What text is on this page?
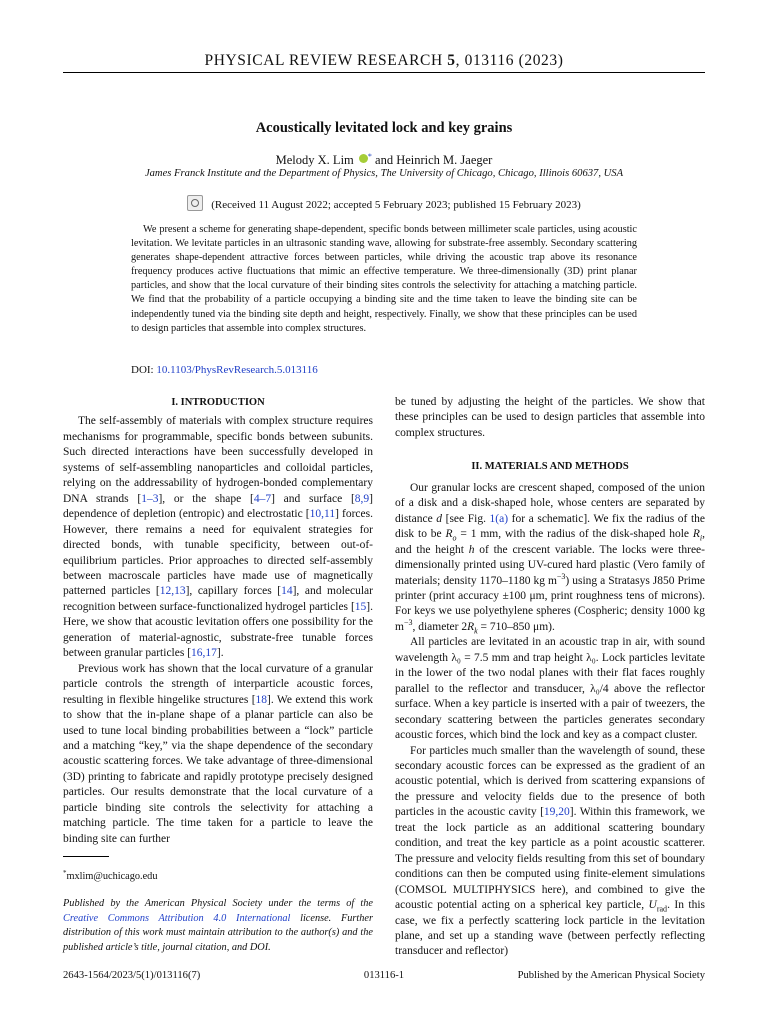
PHYSICAL REVIEW RESEARCH 5, 013116 (2023)
Acoustically levitated lock and key grains
Melody X. Lim * and Heinrich M. Jaeger
James Franck Institute and the Department of Physics, The University of Chicago, Chicago, Illinois 60637, USA
(Received 11 August 2022; accepted 5 February 2023; published 15 February 2023)
We present a scheme for generating shape-dependent, specific bonds between millimeter scale particles, using acoustic levitation. We levitate particles in an ultrasonic standing wave, allowing for substrate-free assembly. Secondary scattering generates shape-dependent attractive forces between particles, while driving the acoustic trap above its resonance frequency produces active fluctuations that mimic an effective temperature. We three-dimensionally (3D) print planar particles, and show that the local curvature of their binding sites controls the selectivity for attaching a matching particle. We find that the probability of a particle occupying a binding site and the time taken to leave the binding site can be independently tuned via the binding site depth and height, respectively. Finally, we show that these principles can be used to design particles that assemble into complex structures.
DOI: 10.1103/PhysRevResearch.5.013116
I. INTRODUCTION

The self-assembly of materials with complex structure requires mechanisms for programmable, specific bonds between subunits. Such directed interactions have been successfully developed in systems of self-assembling nanoparticles and colloidal particles, relying on the addressability of hydrogen-bonded complementary DNA strands [1–3], or the shape [4–7] and surface [8,9] dependence of depletion (entropic) and electrostatic [10,11] forces. However, there remains a need for equivalent strategies for directed bonds, with tunable specificity, between out-of-equilibrium particles. Prior approaches to directed self-assembly between macroscale particles have made use of magnetically patterned particles [12,13], capillary forces [14], and molecular recognition between surface-functionalized hydrogel particles [15]. Here, we show that acoustic levitation offers one possibility for the generation of material-agnostic, substrate-free tunable forces between granular particles [16,17].

Previous work has shown that the local curvature of a granular particle controls the strength of interparticle acoustic forces, resulting in flexible hingelike structures [18]. We extend this work to show that the in-plane shape of a planar particle can also be used to tune local binding probabilities between a “lock” particle and a matching “key,” via the shape dependence of the secondary acoustic scattering forces. We take advantage of three-dimensional (3D) printing to fabricate and rapidly prototype precisely designed particles. Our results demonstrate that the local curvature of a particle binding site controls the selectivity for attaching a matching particle. The time taken for a particle to leave the binding site can further

be tuned by adjusting the height of the particles. We show that these principles can be used to design particles that assemble into complex structures.

II. MATERIALS AND METHODS

Our granular locks are crescent shaped, composed of the union of a disk and a disk-shaped hole, whose centers are separated by distance d [see Fig. 1(a) for a schematic]. We fix the radius of the disk to be $R_o = 1$ mm, with the radius of the disk-shaped hole $R_i$, and the height h of the crescent variable. The locks were three-dimensionally printed using UV-cured hard plastic (Vero family of materials; density 1170–1180 kg $m^{-3}$) using a Stratasys J850 Prime printer (print accuracy ±100 μm, print roughness tens of microns). For keys we use polyethylene spheres (Cospheric; density 1000 kg $m^{-3}$, diameter $2R_k = 710-850$ μm).

All particles are levitated in an acoustic trap in air, with sound wavelength λ₀ = 7.5 mm and trap height λ₀. Lock particles levitate in the lower of the two nodal planes with their flat faces roughly parallel to the reflector and transducer, λ₀/4 above the reflector surface. When a key particle is inserted with a pair of tweezers, the secondary scattering between the particles generates secondary acoustic forces, which bind the lock and key as a compact cluster.

For particles much smaller than the wavelength of sound, these secondary acoustic forces can be expressed as the gradient of an acoustic potential, which is derived from scattering expansions of the pressure and velocity fields due to the presence of both particles in the acoustic cavity [19,20]. Within this framework, we treat the lock particle as an additional scattering boundary condition, and treat the key particle as a point acoustic scatterer. The pressure and velocity fields resulting from this set of boundary conditions can then be computed using finite-element simulations (COMSOL MULTIPHYSICS here), and combined to give the acoustic potential acting on a spherical key particle, $U_{rad}$. In this case, we fix a perfectly scattering lock particle in the levitation plane, and set up a standing wave (between perfectly reflecting transducer and reflector)

*mxlim@uchicago.edu
Published by the American Physical Society under the terms of the Creative Commons Attribution 4.0 International license. Further distribution of this work must maintain attribution to the author(s) and the published article’s title, journal citation, and DOI.
2643-1564/2023/5(1)/013116(7)	013116-1	Published by the American Physical Society
